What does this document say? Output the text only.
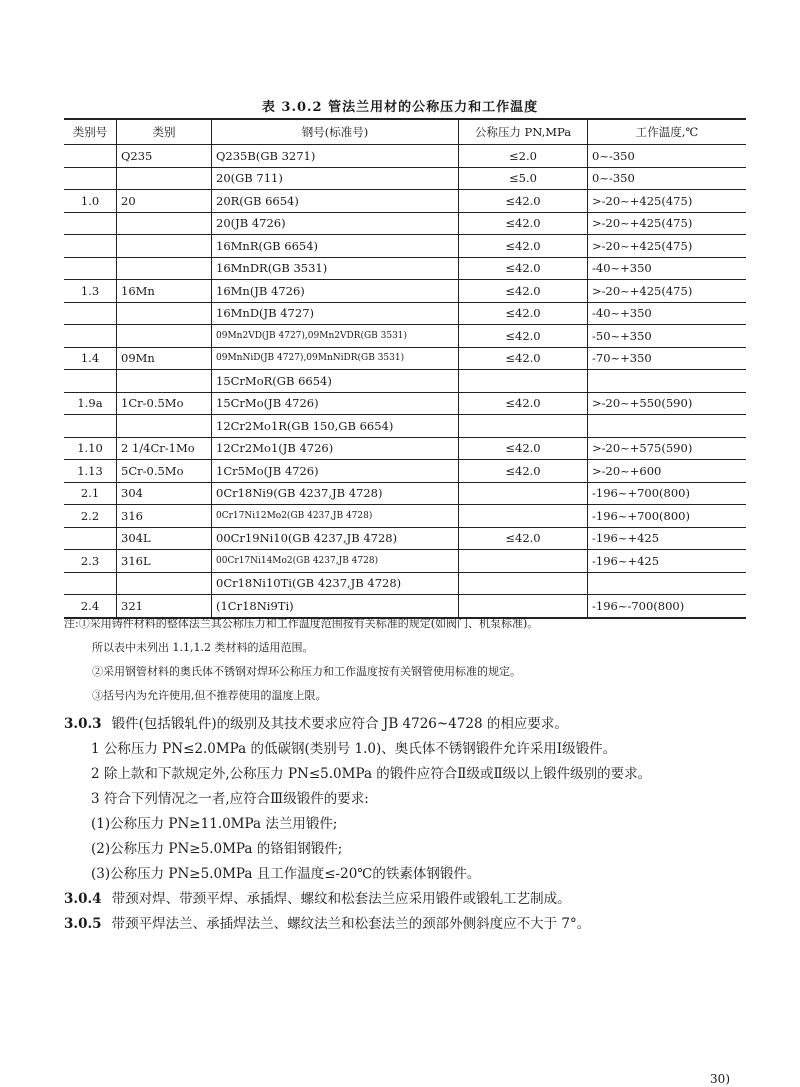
表 3.0.2 管法兰用材的公称压力和工作温度
类别号	类别	钢号(标准号)	公称压力 PN,MPa	工作温度,℃
	Q235	Q235B(GB 3271)	≤2.0	0~-350
		20(GB 711)	≤5.0	0~-350
1.0	20	20R(GB 6654)	≤42.0	>-20~+425(475)
		20(JB 4726)	≤42.0	>-20~+425(475)
		16MnR(GB 6654)	≤42.0	>-20~+425(475)
		16MnDR(GB 3531)	≤42.0	-40~+350
1.3	16Mn	16Mn(JB 4726)	≤42.0	>-20~+425(475)
		16MnD(JB 4727)	≤42.0	-40~+350
		09Mn2VD(JB 4727),09Mn2VDR(GB 3531)	≤42.0	-50~+350
1.4	09Mn	09MnNiD(JB 4727),09MnNiDR(GB 3531)	≤42.0	-70~+350
		15CrMoR(GB 6654)		
1.9a	1Cr-0.5Mo	15CrMo(JB 4726)	≤42.0	>-20~+550(590)
		12Cr2Mo1R(GB 150,GB 6654)		
1.10	2 1/4Cr-1Mo	12Cr2Mo1(JB 4726)	≤42.0	>-20~+575(590)
1.13	5Cr-0.5Mo	1Cr5Mo(JB 4726)	≤42.0	>-20~+600
2.1	304	0Cr18Ni9(GB 4237,JB 4728)		-196~+700(800)
2.2	316	0Cr17Ni12Mo2(GB 4237,JB 4728)		-196~+700(800)
	304L	00Cr19Ni10(GB 4237,JB 4728)	≤42.0	-196~+425
2.3	316L	00Cr17Ni14Mo2(GB 4237,JB 4728)		-196~+425
		0Cr18Ni10Ti(GB 4237,JB 4728)		
2.4	321	(1Cr18Ni9Ti)		-196~-700(800)

注:①采用铸件材料的整体法兰其公称压力和工作温度范围按有关标准的规定(如阀门、机泵标准)。

所以表中未列出 1.1,1.2 类材料的适用范围。

②采用钢管材料的奥氏体不锈钢对焊环公称压力和工作温度按有关钢管使用标准的规定。

③括号内为允许使用,但不推荐使用的温度上限。

3.0.3 锻件(包括锻轧件)的级别及其技术要求应符合 JB 4726~4728 的相应要求。

1 公称压力 PN≤2.0MPa 的低碳钢(类别号 1.0)、奥氏体不锈钢锻件允许采用Ⅰ级锻件。

2 除上款和下款规定外,公称压力 PN≤5.0MPa 的锻件应符合Ⅱ级或Ⅱ级以上锻件级别的要求。

3 符合下列情况之一者,应符合Ⅲ级锻件的要求:

(1)公称压力 PN≥11.0MPa 法兰用锻件;

(2)公称压力 PN≥5.0MPa 的铬钼钢锻件;

(3)公称压力 PN≥5.0MPa 且工作温度≤-20℃的铁素体钢锻件。

3.0.4 带颈对焊、带颈平焊、承插焊、螺纹和松套法兰应采用锻件或锻轧工艺制成。

3.0.5 带颈平焊法兰、承插焊法兰、螺纹法兰和松套法兰的颈部外侧斜度应不大于 7°。

30)
